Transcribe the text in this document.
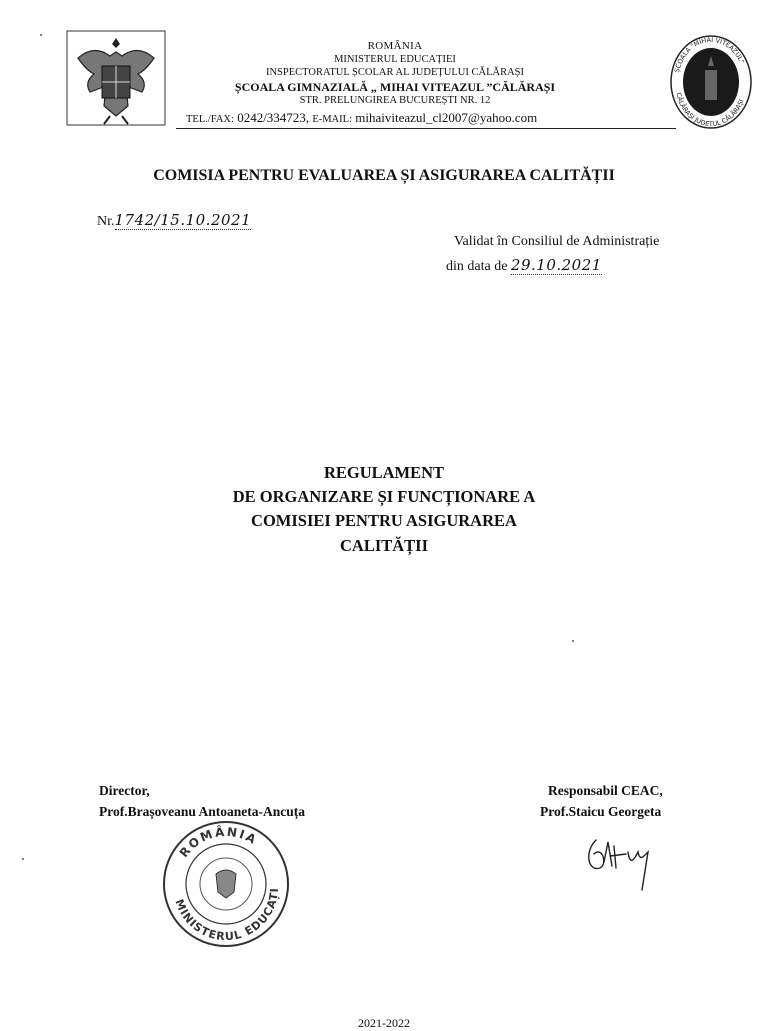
ROMÂNIA
MINISTERUL EDUCAȚIEI
INSPECTORATUL ȘCOLAR AL JUDEȚULUI CĂLĂRAȘI
ȘCOALA GIMNAZIALĂ „ MIHAI VITEAZUL ”CĂLĂRAȘI
STR. PRELUNGIREA BUCUREȘTI NR. 12
TEL./FAX: 0242/334723, E-MAIL: mihaiviteazul_cl2007@yahoo.com
ȘCOALA "MIHAI VITEAZUL"
CĂLĂRAȘI JUDEȚUL CĂLĂRAȘI
COMISIA PENTRU EVALUAREA ȘI ASIGURAREA CALITĂȚII
Nr.1742/15.10.2021
Validat în Consiliul de Administrație
din data de 29.10.2021
REGULAMENT
DE ORGANIZARE ȘI FUNCȚIONARE A
COMISIEI PENTRU ASIGURAREA
CALITĂȚII
Director,
Prof.Brașoveanu Antoaneta-Ancuța
Responsabil CEAC,
Prof.Staicu Georgeta
ROMÂNIA
MINISTERUL EDUCAȚI
2021-2022
